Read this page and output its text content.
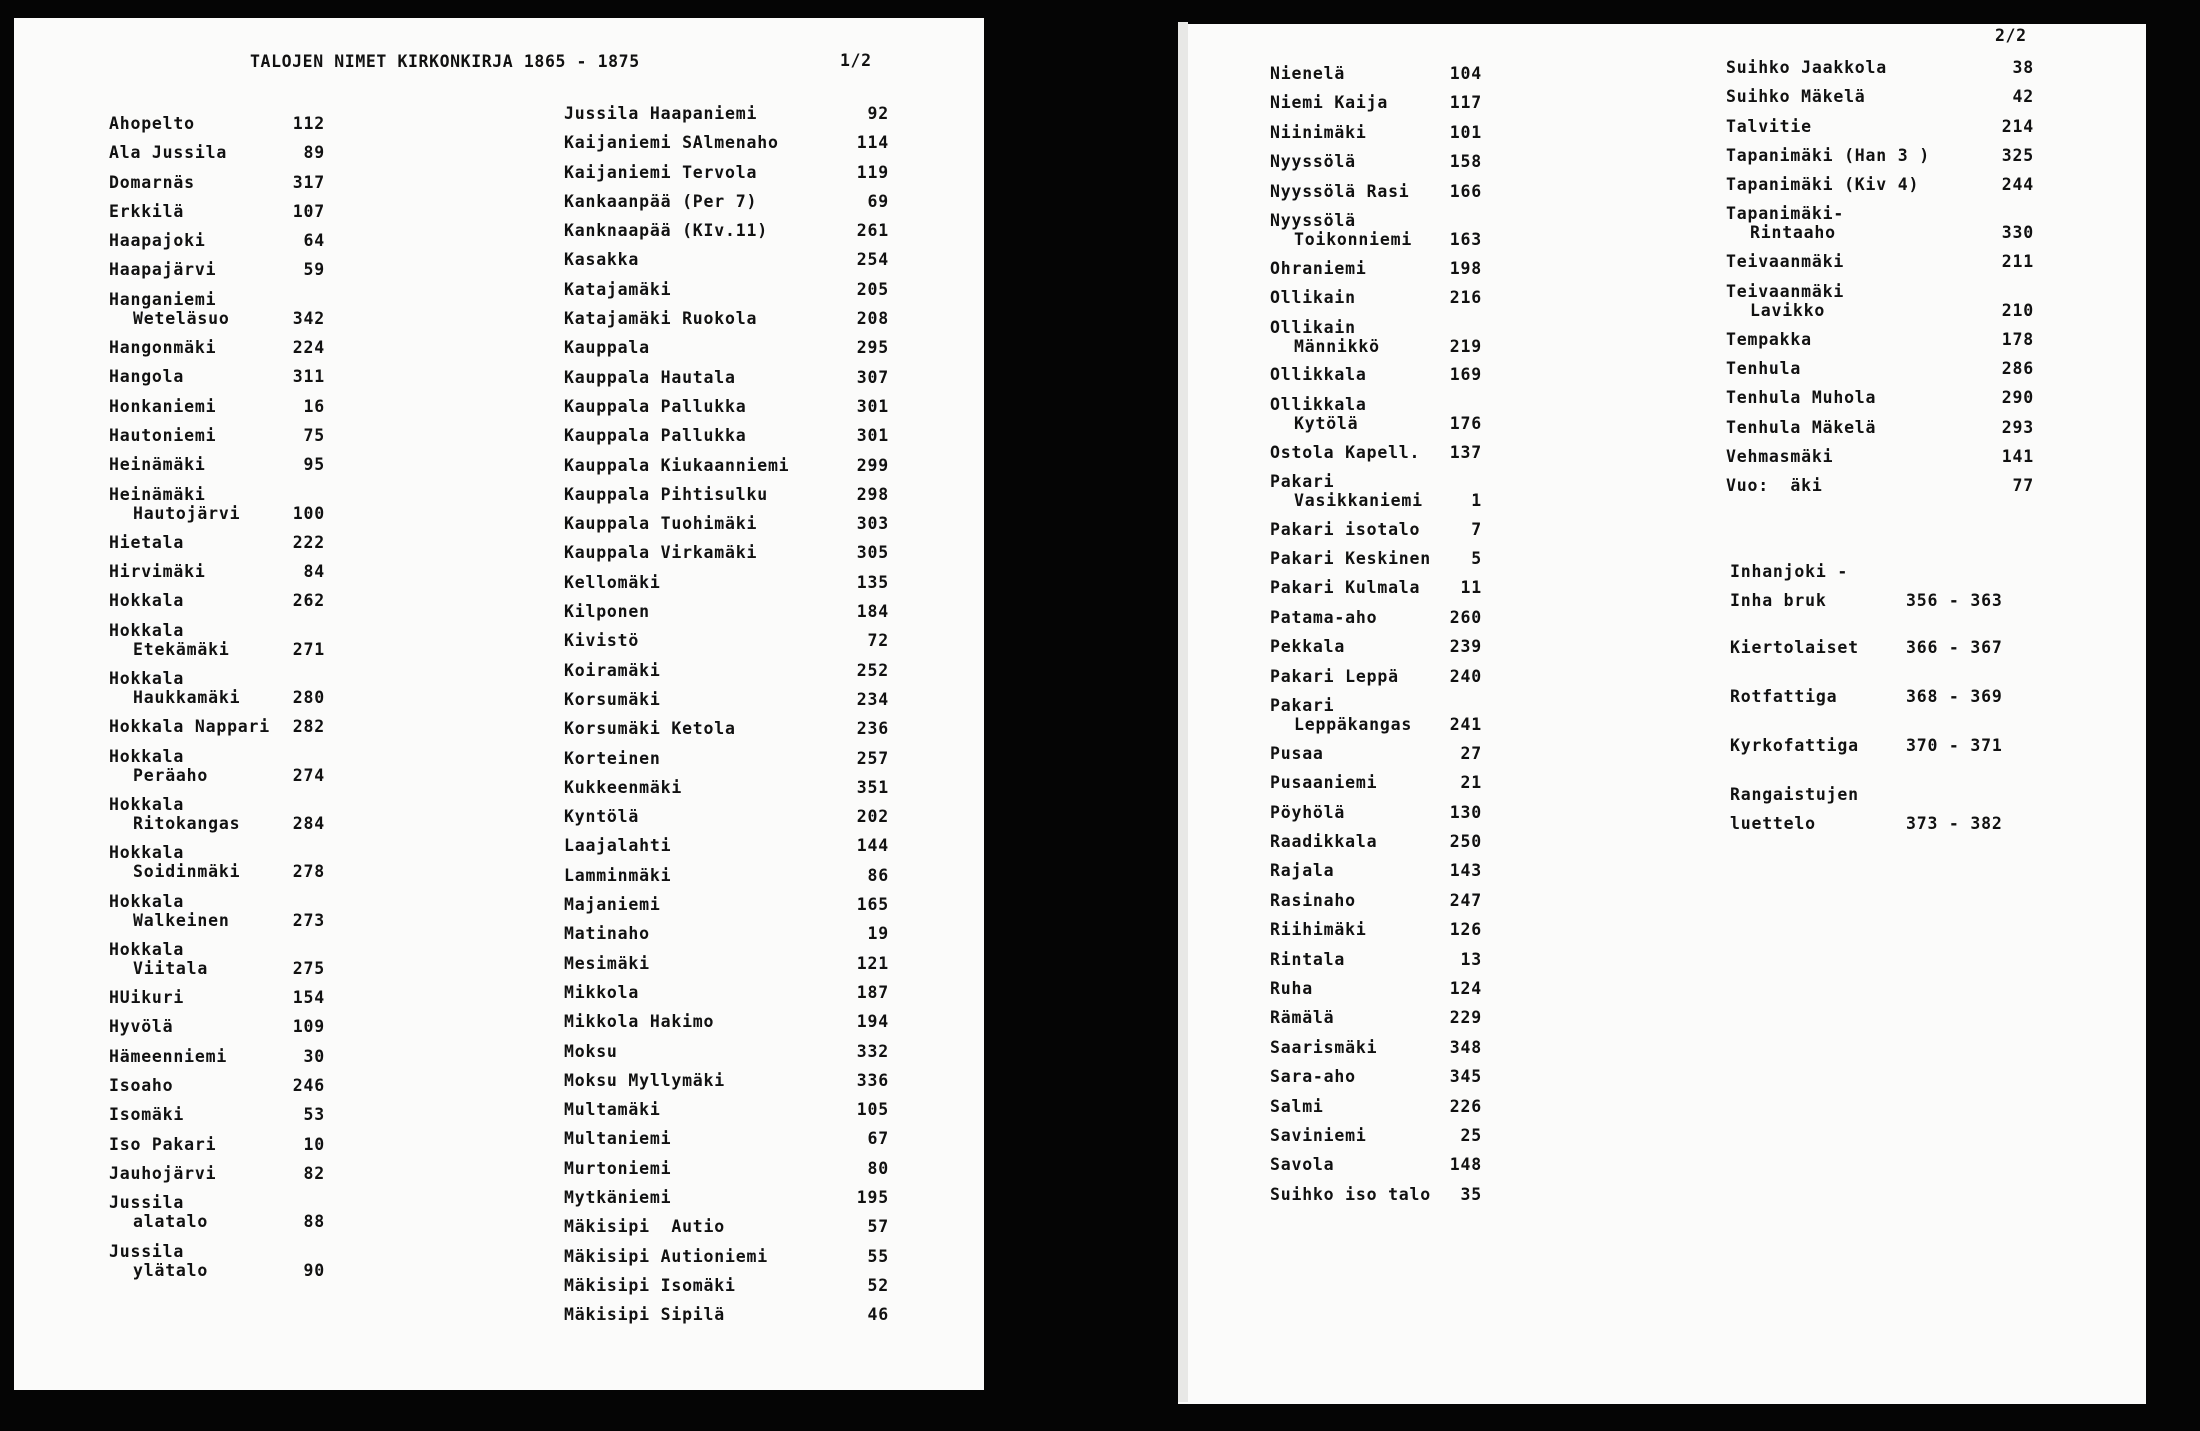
TALOJEN NIMET KIRKONKIRJA 1865 - 1875	1/2
Ahopelto	112
Ala Jussila	89
Domarnäs	317
Erkkilä	107
Haapajoki	64
Haapajärvi	59
Hanganiemi
Weteläsuo	342
Hangonmäki	224
Hangola	311
Honkaniemi	16
Hautoniemi	75
Heinämäki	95
Heinämäki
Hautojärvi	100
Hietala	222
Hirvimäki	84
Hokkala	262
Hokkala
Etekämäki	271
Hokkala
Haukkamäki	280
Hokkala Nappari	282
Hokkala
Peräaho	274
Hokkala
Ritokangas	284
Hokkala
Soidinmäki	278
Hokkala
Walkeinen	273
Hokkala
Viitala	275
HUikuri	154
Hyvölä	109
Hämeenniemi	30
Isoaho	246
Isomäki	53
Iso Pakari	10
Jauhojärvi	82
Jussila
alatalo	88
Jussila
ylätalo	90
Jussila Haapaniemi	92
Kaijaniemi SAlmenaho	114
Kaijaniemi Tervola	119
Kankaanpää (Per 7)	69
Kanknaapää (KIv.11)	261
Kasakka	254
Katajamäki	205
Katajamäki Ruokola	208
Kauppala	295
Kauppala Hautala	307
Kauppala Pallukka	301
Kauppala Pallukka	301
Kauppala Kiukaanniemi	299
Kauppala Pihtisulku	298
Kauppala Tuohimäki	303
Kauppala Virkamäki	305
Kellomäki	135
Kilponen	184
Kivistö	72
Koiramäki	252
Korsumäki	234
Korsumäki Ketola	236
Korteinen	257
Kukkeenmäki	351
Kyntölä	202
Laajalahti	144
Lamminmäki	86
Majaniemi	165
Matinaho	19
Mesimäki	121
Mikkola	187
Mikkola Hakimo	194
Moksu	332
Moksu Myllymäki	336
Multamäki	105
Multaniemi	67
Murtoniemi	80
Mytkäniemi	195
Mäkisipi  Autio	57
Mäkisipi Autioniemi	55
Mäkisipi Isomäki	52
Mäkisipi Sipilä	46
2/2
Nienelä	104
Niemi Kaija	117
Niinimäki	101
Nyyssölä	158
Nyyssölä Rasi	166
Nyyssölä
Toikonniemi	163
Ohraniemi	198
Ollikain	216
Ollikain
Männikkö	219
Ollikkala	169
Ollikkala
Kytölä	176
Ostola Kapell.	137
Pakari
Vasikkaniemi	1
Pakari isotalo	7
Pakari Keskinen	5
Pakari Kulmala	11
Patama-aho	260
Pekkala	239
Pakari Leppä	240
Pakari
Leppäkangas	241
Pusaa	27
Pusaaniemi	21
Pöyhölä	130
Raadikkala	250
Rajala	143
Rasinaho	247
Riihimäki	126
Rintala	13
Ruha	124
Rämälä	229
Saarismäki	348
Sara-aho	345
Salmi	226
Saviniemi	25
Savola	148
Suihko iso talo	35
Suihko Jaakkola	38
Suihko Mäkelä	42
Talvitie	214
Tapanimäki (Han 3 )	325
Tapanimäki (Kiv 4)	244
Tapanimäki-
Rintaaho	330
Teivaanmäki	211
Teivaanmäki
Lavikko	210
Tempakka	178
Tenhula	286
Tenhula Muhola	290
Tenhula Mäkelä	293
Vehmasmäki	141
Vuo:  äki	77
Inhanjoki -
Inha bruk	356 - 363
Kiertolaiset	366 - 367
Rotfattiga	368 - 369
Kyrkofattiga	370 - 371
Rangaistujen
luettelo	373 - 382
